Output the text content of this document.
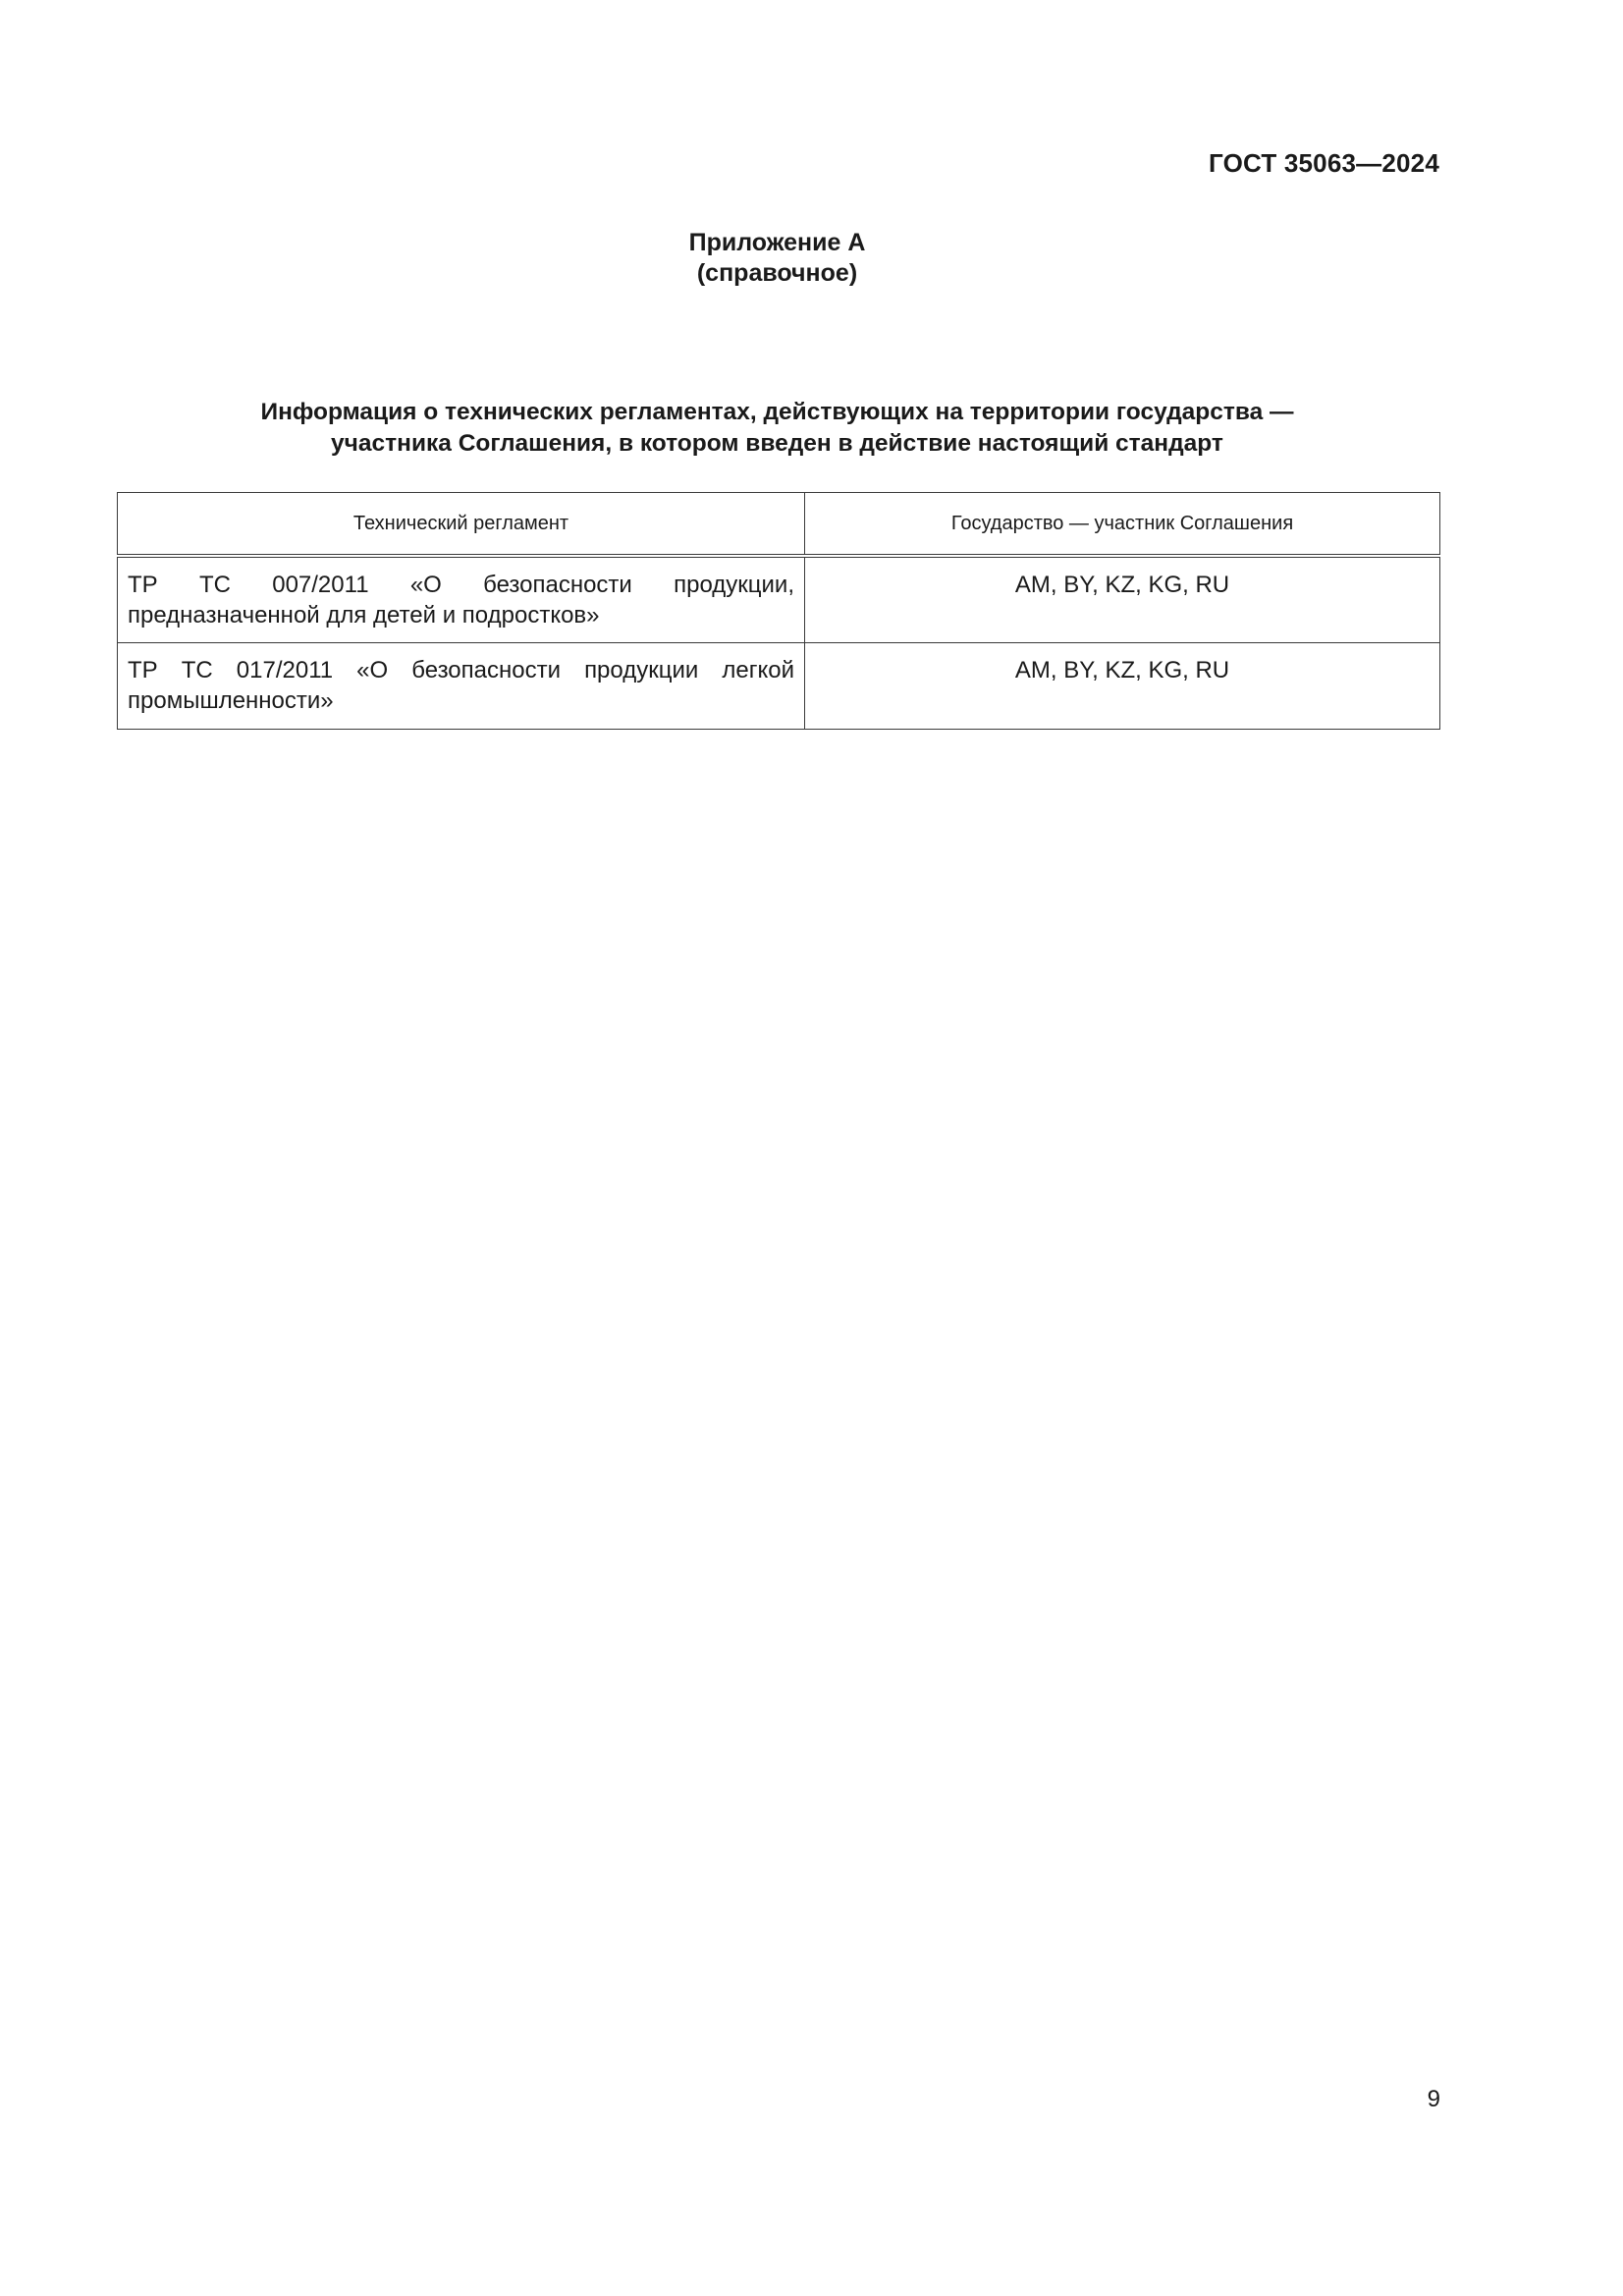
ГОСТ 35063—2024
Приложение А
(справочное)
Информация о технических регламентах, действующих на территории государства —
участника Соглашения, в котором введен в действие настоящий стандарт
Технический регламент	Государство — участник Соглашения
ТР ТС 007/2011 «О безопасности продукции, предназначенной для детей и подростков»	AM, BY, KZ, KG, RU
ТР ТС 017/2011 «О безопасности продукции легкой промышленности»	AM, BY, KZ, KG, RU
9
